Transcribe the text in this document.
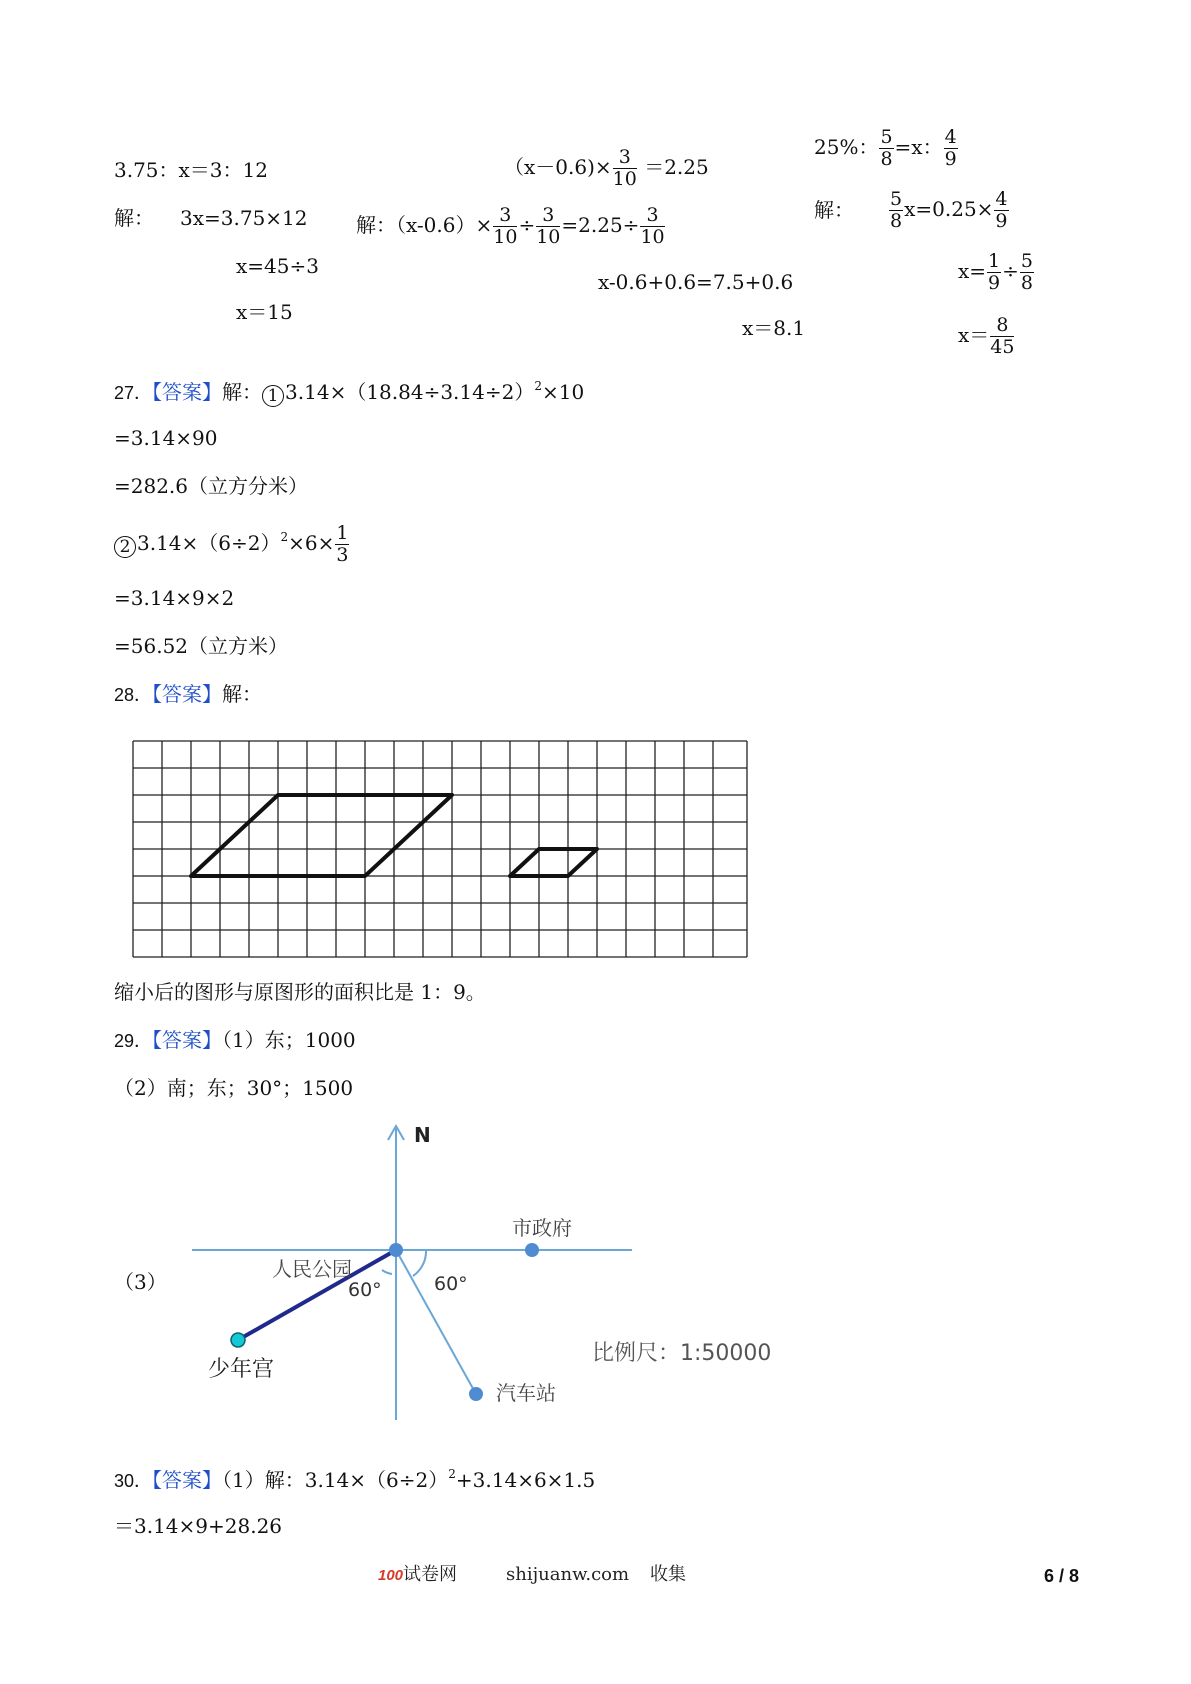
3.75：x＝3：12
解： 3x=3.75×12
x=45÷3
x＝15
$(x-0.6)\times \frac{3}{10} =2.25$
解：$(x-0.6)\times \frac{3}{10} \div \frac{3}{10} =2.25\div \frac{3}{10}$
x-0.6+0.6=7.5+0.6
x＝8.1
25%： $\frac{5}{8} =x$： $\frac{4}{9}$
解： $\frac{5}{8} x=0.25\times \frac{4}{9}$
$x= \frac{1}{9} \div \frac{5}{8}$
$x= \frac{8}{45}$
27．【答案】解： 1 $3.14\times(18.84\div 3.14\div 2)^2\times 10$
=3.14×90
=282.6（立方分米）
2 $3.14\times(6\div 2)^2\times 6\times \frac{1}{3}$
=3.14×9×2
=56.52（立方米）
28．【答案】解：
缩小后的图形与原图形的面积比是 1：9。
29．【答案】（1）东；1000
（2）南；东；30°；1500
（3）
N
市政府
人民公园
60°	60°
少年宫
汽车站
比例尺：1:50000
30．【答案】（1）解：$3.14\times(6\div 2)^2+3.14\times 6\times 1.5$
＝3.14×9+28.26
100试卷网	shijuanw.com 收集	6 / 8
